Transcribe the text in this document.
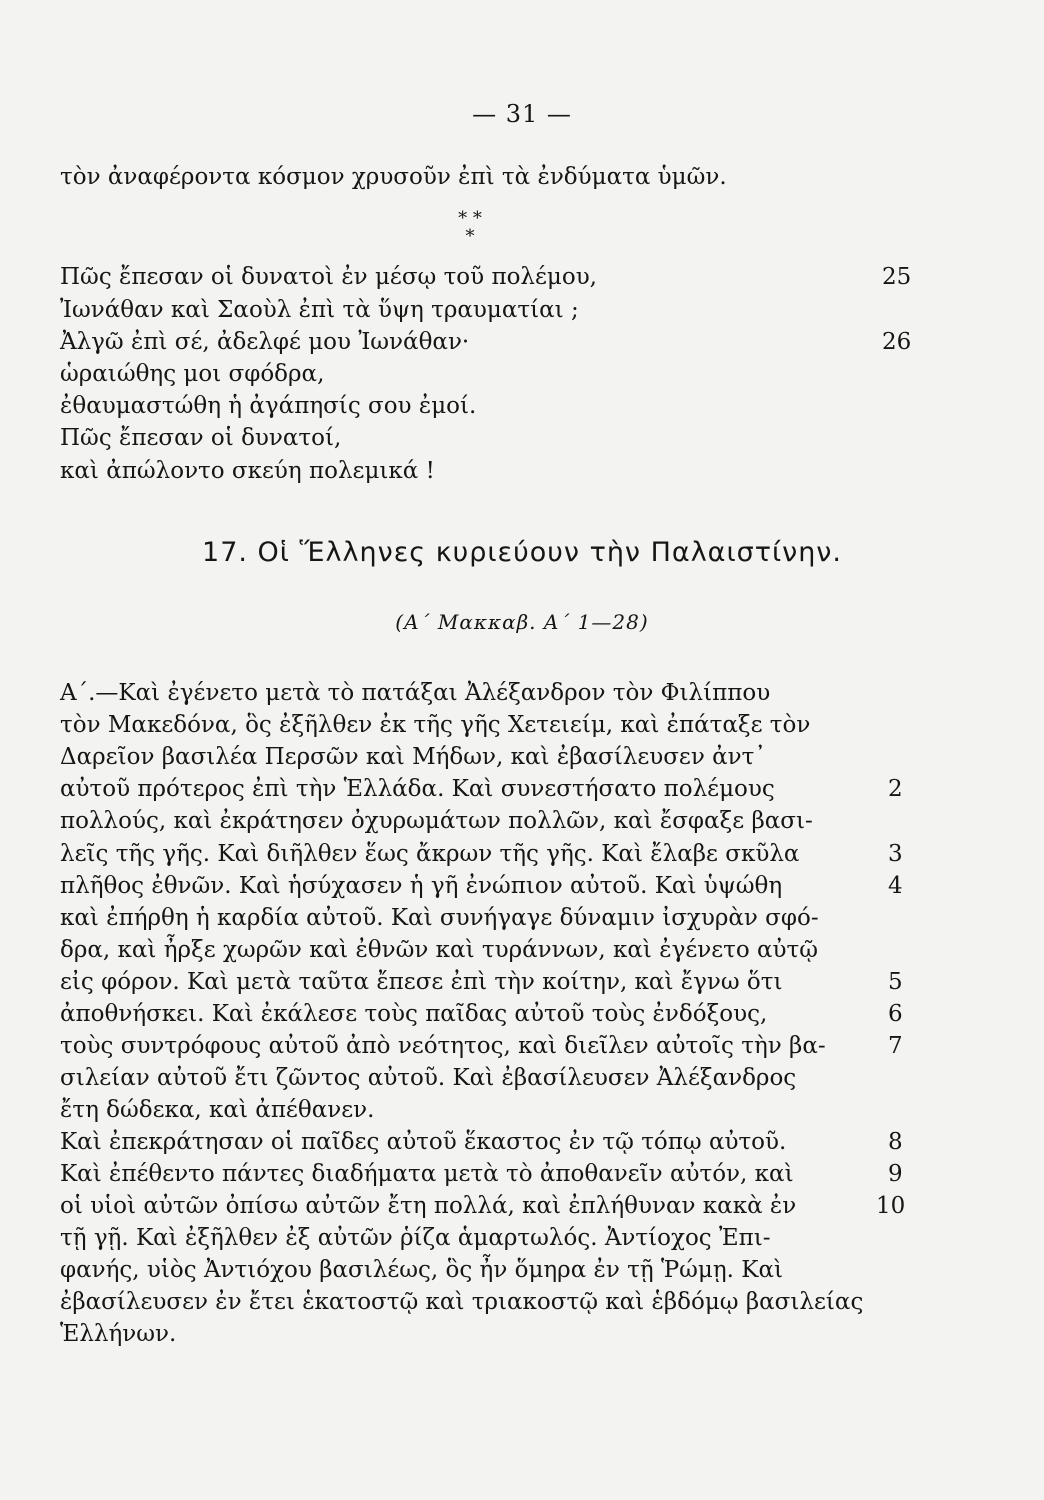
— 31 —
τὸν ἀναφέροντα κόσμον χρυσοῦν ἐπὶ τὰ ἐνδύματα ὑμῶν.
* *
*
Πῶς ἔπεσαν οἱ δυνατοὶ ἐν μέσῳ τοῦ πολέμου,
Ἰωνάθαν καὶ Σαοὺλ ἐπὶ τὰ ὕψη τραυματίαι ;
Ἀλγῶ ἐπὶ σέ, ἀδελφέ μου Ἰωνάθαν·
ὡραιώθης μοι σφόδρα,
ἐθαυμαστώθη ἡ ἀγάπησίς σου ἐμοί.
Πῶς ἔπεσαν οἱ δυνατοί,
καὶ ἀπώλοντο σκεύη πολεμικά !
25
26
17. Οἱ Ἕλληνες κυριεύουν τὴν Παλαιστίνην.
(Α΄ Μακκαβ. Α΄ 1—28)
Α΄.—Καὶ ἐγένετο μετὰ τὸ πατάξαι Ἀλέξανδρον τὸν Φιλίππου
τὸν Μακεδόνα, ὃς ἐξῆλθεν ἐκ τῆς γῆς Χετειείμ, καὶ ἐπάταξε τὸν
Δαρεῖον βασιλέα Περσῶν καὶ Μήδων, καὶ ἐβασίλευσεν ἀντ᾿
αὐτοῦ πρότερος ἐπὶ τὴν Ἑλλάδα. Καὶ συνεστήσατο πολέμους
πολλούς, καὶ ἐκράτησεν ὀχυρωμάτων πολλῶν, καὶ ἔσφαξε βασι-
λεῖς τῆς γῆς. Καὶ διῆλθεν ἕως ἄκρων τῆς γῆς. Καὶ ἔλαβε σκῦλα
πλῆθος ἐθνῶν. Καὶ ἡσύχασεν ἡ γῆ ἐνώπιον αὐτοῦ. Καὶ ὑψώθη
καὶ ἐπήρθη ἡ καρδία αὐτοῦ. Καὶ συνήγαγε δύναμιν ἰσχυρὰν σφό-
δρα, καὶ ἦρξε χωρῶν καὶ ἐθνῶν καὶ τυράννων, καὶ ἐγένετο αὐτῷ
εἰς φόρον. Καὶ μετὰ ταῦτα ἔπεσε ἐπὶ τὴν κοίτην, καὶ ἔγνω ὅτι
ἀποθνήσκει. Καὶ ἐκάλεσε τοὺς παῖδας αὐτοῦ τοὺς ἐνδόξους,
τοὺς συντρόφους αὐτοῦ ἀπὸ νεότητος, καὶ διεῖλεν αὐτοῖς τὴν βα-
σιλείαν αὐτοῦ ἔτι ζῶντος αὐτοῦ. Καὶ ἐβασίλευσεν Ἀλέξανδρος
ἔτη δώδεκα, καὶ ἀπέθανεν.
Καὶ ἐπεκράτησαν οἱ παῖδες αὐτοῦ ἕκαστος ἐν τῷ τόπῳ αὐτοῦ.
Καὶ ἐπέθεντο πάντες διαδήματα μετὰ τὸ ἀποθανεῖν αὐτόν, καὶ
οἱ υἱοὶ αὐτῶν ὀπίσω αὐτῶν ἔτη πολλά, καὶ ἐπλήθυναν κακὰ ἐν
τῇ γῇ. Καὶ ἐξῆλθεν ἐξ αὐτῶν ῥίζα ἁμαρτωλός. Ἀντίοχος Ἐπι-
φανής, υἱὸς Ἀντιόχου βασιλέως, ὃς ἦν ὅμηρα ἐν τῇ Ῥώμῃ. Καὶ
ἐβασίλευσεν ἐν ἔτει ἑκατοστῷ καὶ τριακοστῷ καὶ ἑβδόμῳ βασιλείας
Ἑλλήνων.
2
3
4
5
6
7
8
9
10
